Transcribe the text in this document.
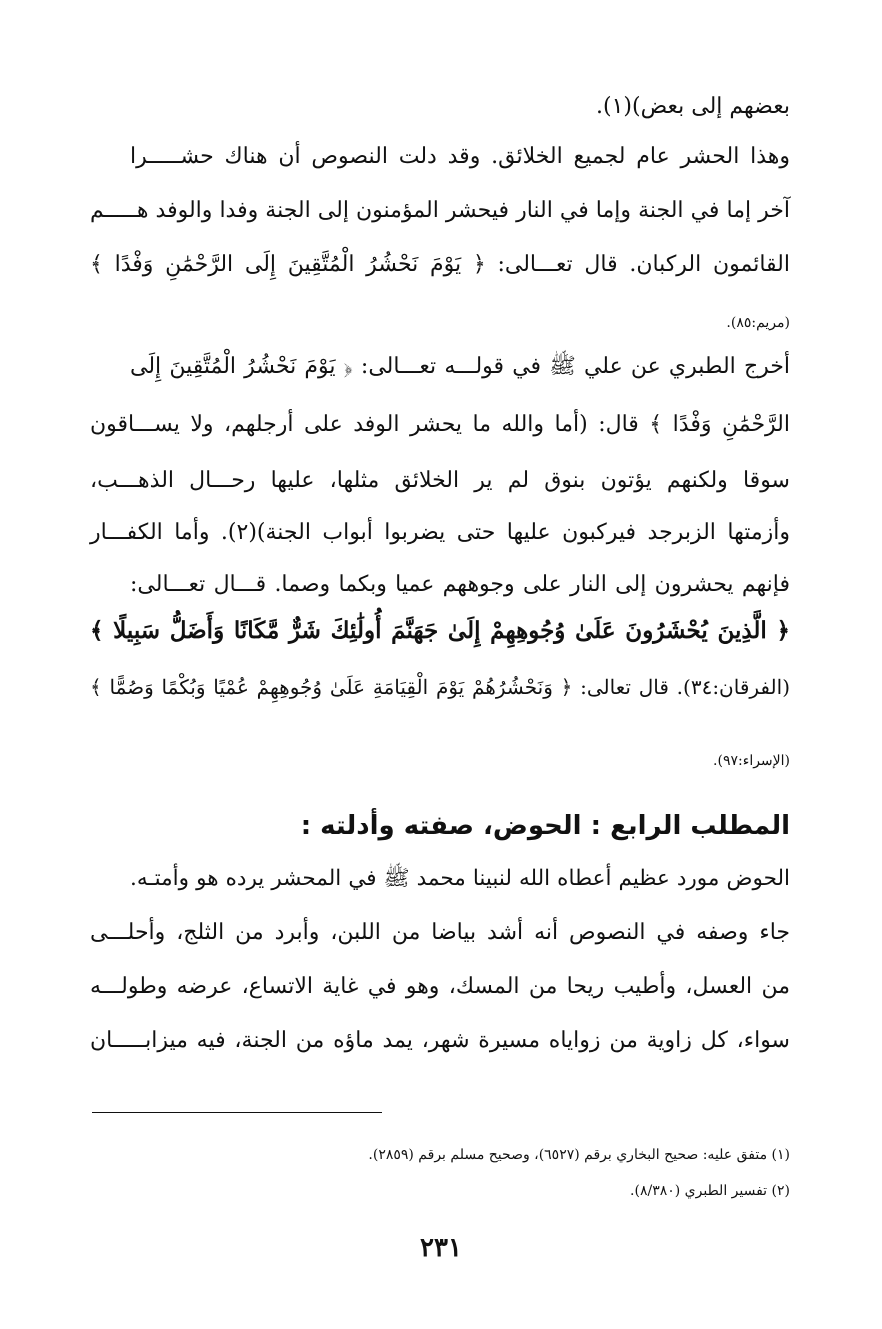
بعضهم إلى بعض)(١).
وهذا الحشر عام لجميع الخلائق. وقد دلت النصوص أن هناك حشـــــرا
آخر إما في الجنة وإما في النار فيحشر المؤمنون إلى الجنة وفدا والوفد هـــــم
القائمون الركبان. قال تعـــالى: ﴿ يَوْمَ نَحْشُرُ الْمُتَّقِينَ إِلَى الرَّحْمَٰنِ وَفْدًا ﴾
(مريم:٨٥).
أخرج الطبري عن علي ﷺ في قولـــه تعـــالى: ﴿ يَوْمَ نَحْشُرُ الْمُتَّقِينَ إِلَى
الرَّحْمَٰنِ وَفْدًا ﴾ قال: (أما والله ما يحشر الوفد على أرجلهم، ولا يســـاقون
سوقا ولكنهم يؤتون بنوق لم ير الخلائق مثلها، عليها رحـــال الذهـــب،
وأزمتها الزبرجد فيركبون عليها حتى يضربوا أبواب الجنة)(٢). وأما الكفـــار
فإنهم يحشرون إلى النار على وجوههم عميا وبكما وصما. قـــال تعـــالى:
﴿ الَّذِينَ يُحْشَرُونَ عَلَىٰ وُجُوهِهِمْ إِلَىٰ جَهَنَّمَ أُولَٰئِكَ شَرٌّ مَّكَانًا وَأَضَلُّ سَبِيلًا ﴾
(الفرقان:٣٤). قال تعالى: ﴿ وَنَحْشُرُهُمْ يَوْمَ الْقِيَامَةِ عَلَىٰ وُجُوهِهِمْ عُمْيًا وَبُكْمًا وَصُمًّا ﴾
(الإسراء:٩٧).
المطلب الرابع : الحوض، صفته وأدلته :
الحوض مورد عظيم أعطاه الله لنبينا محمد ﷺ في المحشر يرده هو وأمتـه.
جاء وصفه في النصوص أنه أشد بياضا من اللبن، وأبرد من الثلج، وأحلـــى
من العسل، وأطيب ريحا من المسك، وهو في غاية الاتساع، عرضه وطولـــه
سواء، كل زاوية من زواياه مسيرة شهر، يمد ماؤه من الجنة، فيه ميزابـــــان
(١) متفق عليه: صحيح البخاري برقم (٦٥٢٧)، وصحيح مسلم برقم (٢٨٥٩).
(٢) تفسير الطبري (٨/٣٨٠).
٢٣١
